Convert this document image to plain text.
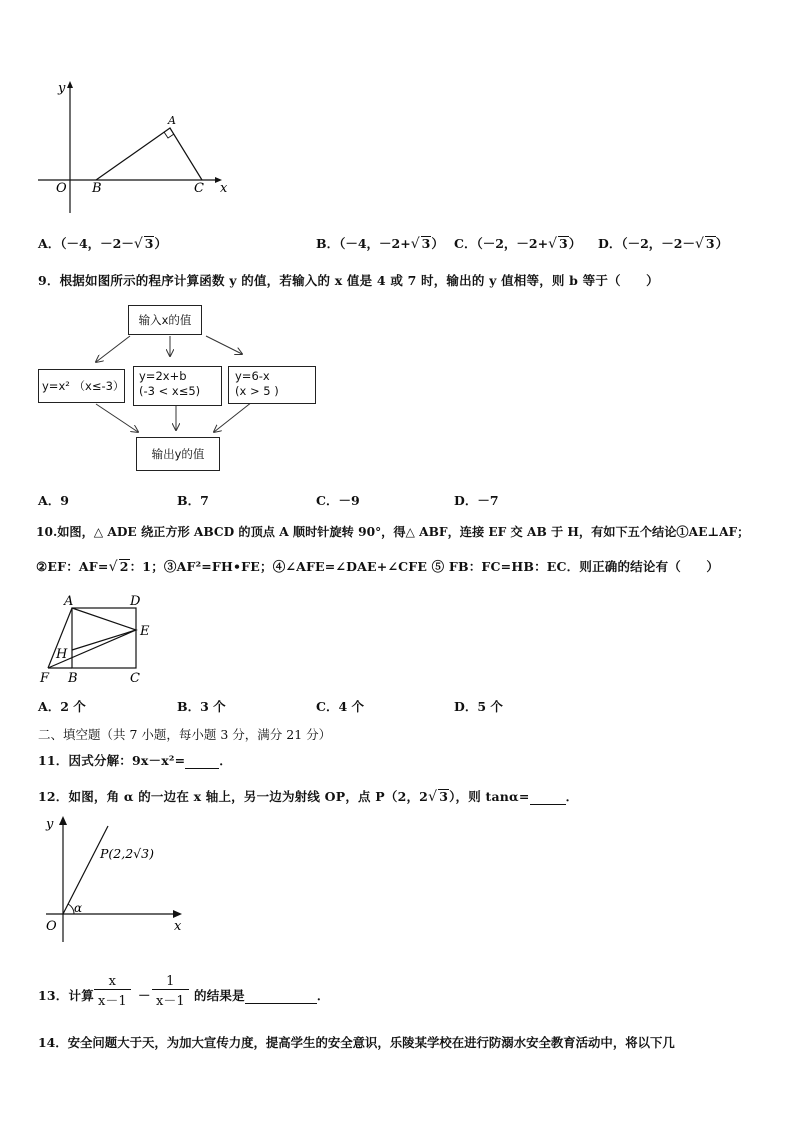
y
x
O
A
B	C
A．（－4，－2－√ 3）	B．（－4，－2+√ 3） C．（－2，－2+√ 3） D．（－2，－2－√ 3）
9．根据如图所示的程序计算函数 y 的值，若输入的 x 值是 4 或 7 时，输出的 y 值相等，则 b 等于（　　）
输入x的值
y=x² （x≤-3）
y=2x+b
(-3 < x≤5)
y=6-x
(x > 5 )
输出y的值
A．9	B．7	C．－9	D．－7
10.如图，△ ADE 绕正方形 ABCD 的顶点 A 顺时针旋转 90°，得△ ABF，连接 EF 交 AB 于 H，有如下五个结论①AE⊥AF；
②EF：AF=√ 2：1；③AF²=FH•FE；④∠AFE=∠DAE+∠CFE ⑤ FB：FC=HB：EC．则正确的结论有（　　）
A	D
E
H
F B	C
A．2 个	B．3 个	C．4 个	D．5 个
二、填空题（共 7 小题，每小题 3 分，满分 21 分）
11．因式分解：9x－x²=	．
12．如图，角 α 的一边在 x 轴上，另一边为射线 OP，点 P（2，2√ 3），则 tanα=	．
y
x
O
α
P(2,2√3)
13．计算 $\frac{x}{x-1} - \frac{1}{x-1}$ 的结果是	．
14．安全问题大于天，为加大宣传力度，提高学生的安全意识，乐陵某学校在进行防溺水安全教育活动中，将以下几
